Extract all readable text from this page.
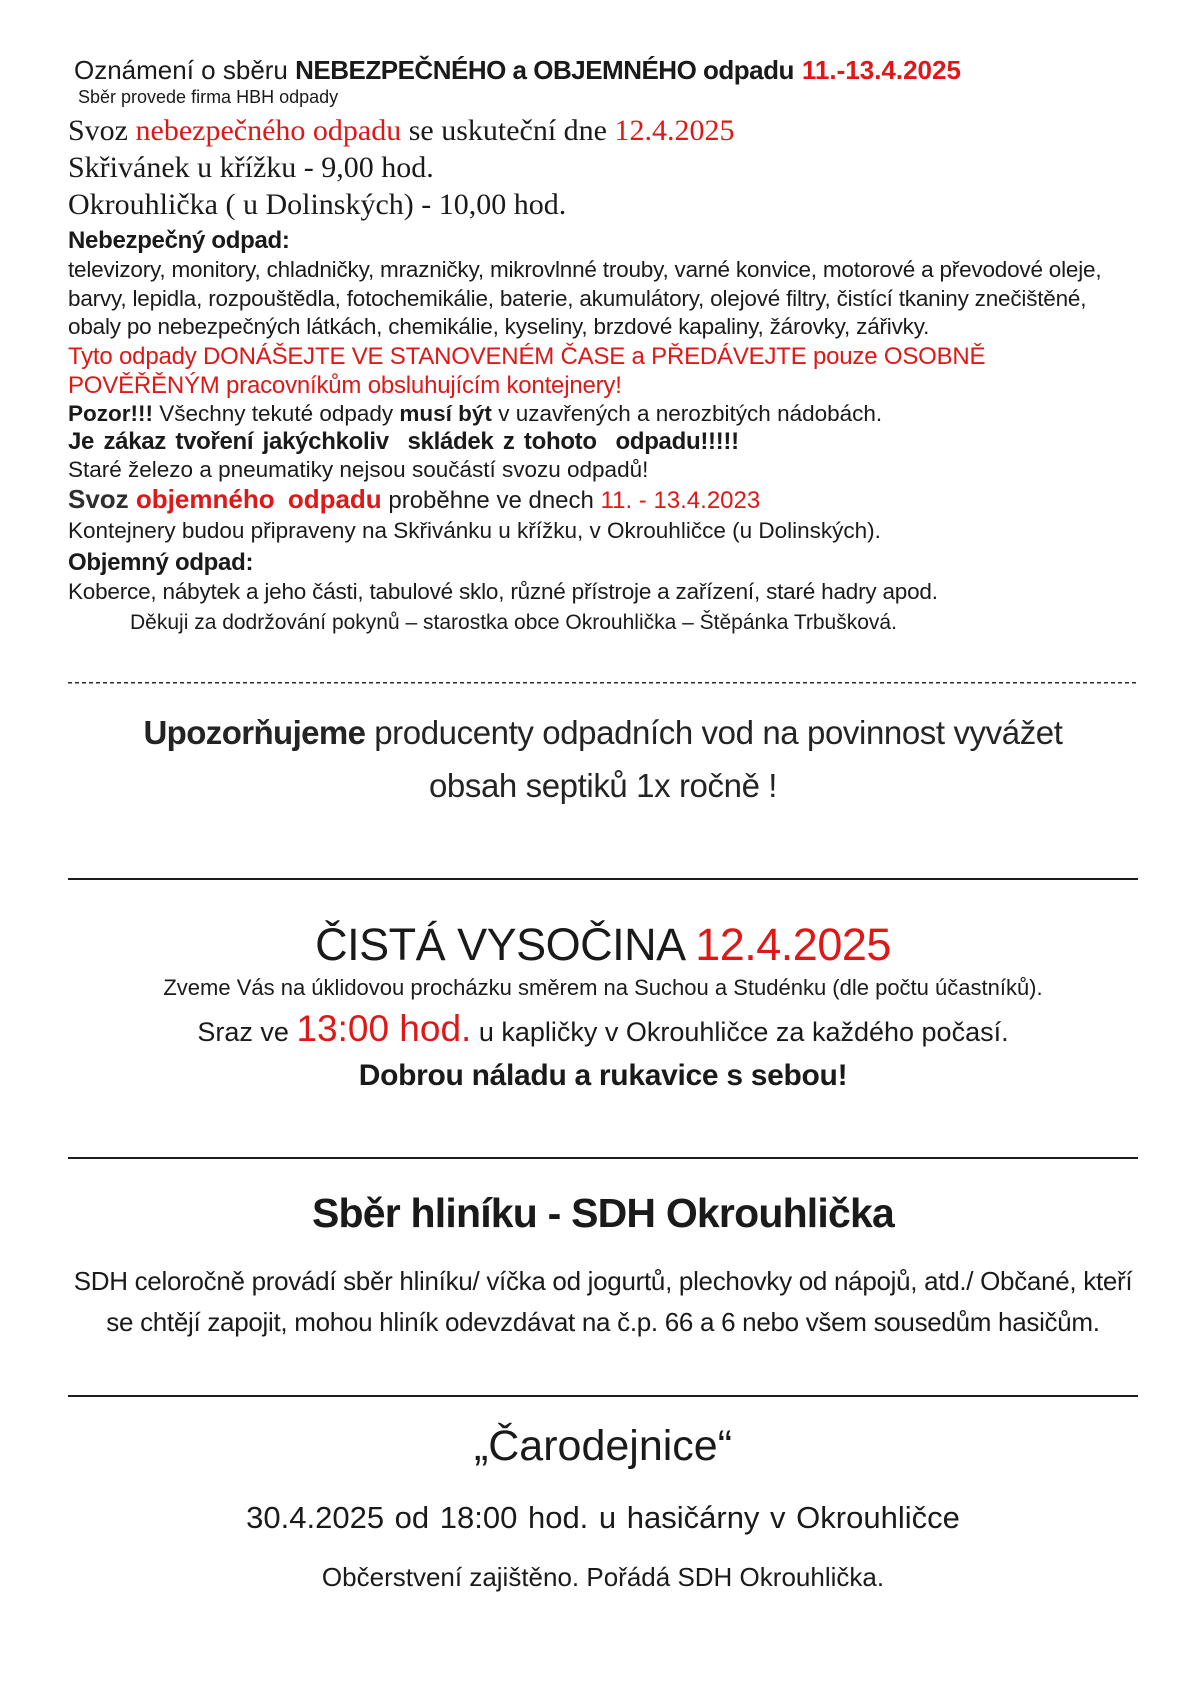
Oznámení o sběru NEBEZPEČNÉHO a OBJEMNÉHO odpadu 11.-13.4.2025
Sběr provede firma HBH odpady
Svoz nebezpečného odpadu se uskuteční dne 12.4.2025
Skřivánek u křížku - 9,00 hod.
Okrouhlička ( u Dolinských) - 10,00 hod.
Nebezpečný odpad:
televizory, monitory, chladničky, mrazničky, mikrovlnné trouby, varné konvice, motorové a převodové oleje, barvy, lepidla, rozpouštědla, fotochemikálie, baterie, akumulátory, olejové filtry, čistící tkaniny znečištěné, obaly po nebezpečných látkách, chemikálie, kyseliny, brzdové kapaliny, žárovky, zářivky.
Tyto odpady DONÁŠEJTE VE STANOVENÉM ČASE a PŘEDÁVEJTE pouze OSOBNĚ POVĚŘĚNÝM pracovníkům obsluhujícím kontejnery!
Pozor!!! Všechny tekuté odpady musí být v uzavřených a nerozbitých nádobách.
Je zákaz tvoření jakýchkoliv  skládek z tohoto  odpadu!!!!!
Staré železo a pneumatiky nejsou součástí svozu odpadů!
Svoz objemného odpadu proběhne ve dnech 11. - 13.4.2023
Kontejnery budou připraveny na Skřivánku u křížku, v Okrouhličce (u Dolinských).
Objemný odpad:
Koberce, nábytek a jeho části, tabulové sklo, různé přístroje a zařízení, staré hadry apod.
Děkuji za dodržování pokynů – starostka obce Okrouhlička – Štěpánka Trbušková.
Upozorňujeme producenty odpadních vod na povinnost vyvážet
obsah septiků 1x ročně !
ČISTÁ VYSOČINA 12.4.2025
Zveme Vás na úklidovou procházku směrem na Suchou a Studénku (dle počtu účastníků).
Sraz ve 13:00 hod. u kapličky v Okrouhličce za každého počasí.
Dobrou náladu a rukavice s sebou!
Sběr hliníku - SDH Okrouhlička
SDH celoročně provádí sběr hliníku/ víčka od jogurtů, plechovky od nápojů, atd./ Občané, kteří se chtějí zapojit, mohou hliník odevzdávat na č.p. 66 a 6 nebo všem sousedům hasičům.
„Čarodejnice“
30.4.2025 od 18:00 hod. u hasičárny v Okrouhličce
Občerstvení zajištěno. Pořádá SDH Okrouhlička.
